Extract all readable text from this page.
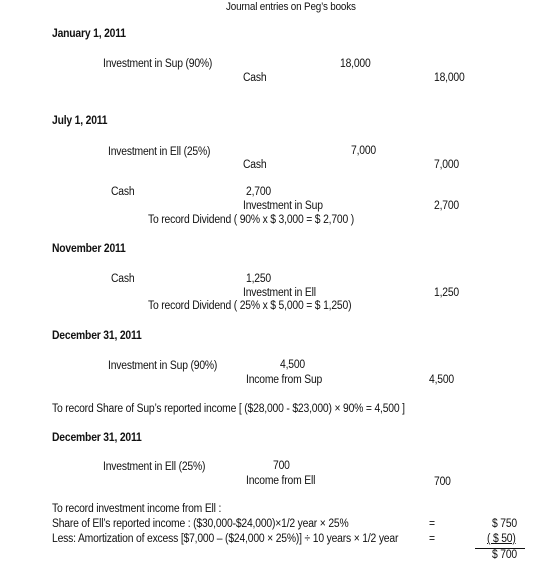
Journal entries on Peg’s books
January 1, 2011
Investment in Sup (90%)	18,000
Cash	18,000
July 1, 2011
Investment in Ell (25%)	7,000
Cash	7,000
Cash	2,700
Investment in Sup	2,700
To record Dividend ( 90% x $ 3,000 = $ 2,700 )
November 2011
Cash	1,250
Investment in Ell	1,250
To record Dividend ( 25% x $ 5,000 = $ 1,250)
December 31, 2011
Investment in Sup (90%)	4,500
Income from Sup	4,500
To record Share of Sup’s reported income [ ($28,000 - $23,000) × 90% = 4,500 ]
December 31, 2011
Investment in Ell (25%)	700
Income from Ell	700
To record investment income from Ell :
Share of Ell’s reported income : ($30,000-$24,000)×1/2 year × 25%	=	$ 750
Less: Amortization of excess [$7,000 – ($24,000 × 25%)] ÷ 10 years × 1/2 year	=	( $ 50)
$ 700
